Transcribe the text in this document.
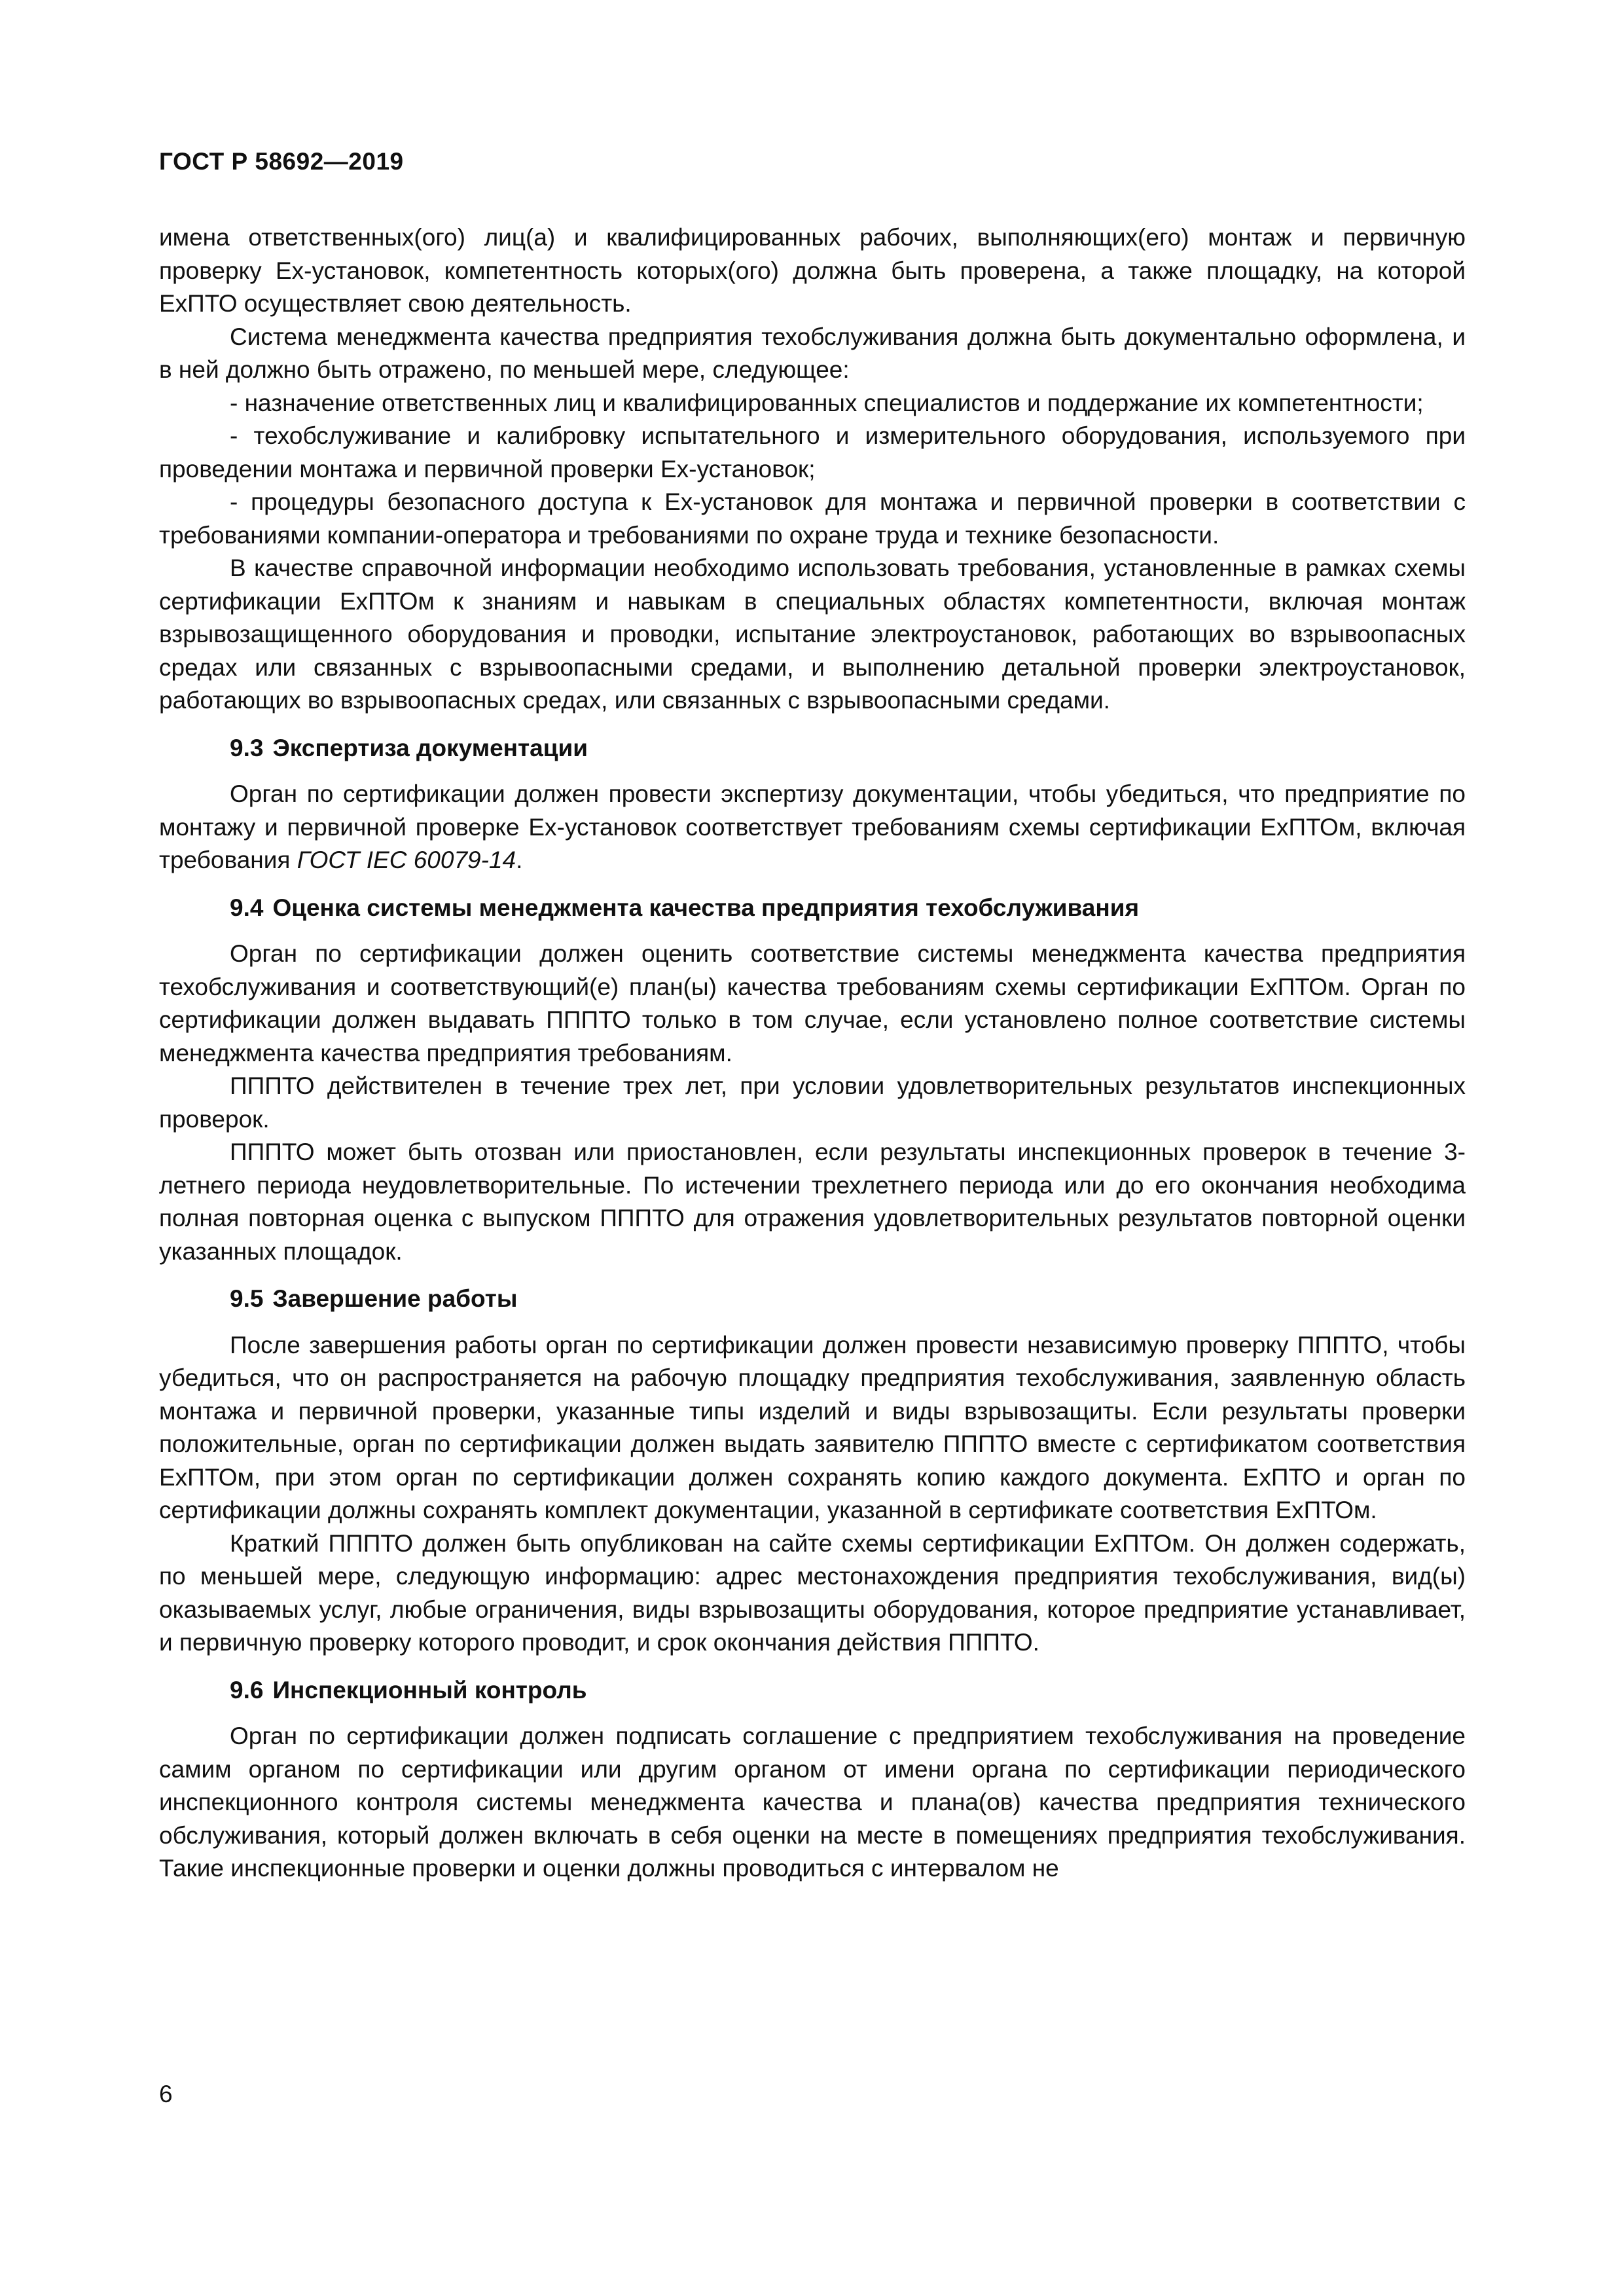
ГОСТ Р 58692—2019

имена ответственных(ого) лиц(а) и квалифицированных рабочих, выполняющих(его) монтаж и первичную проверку Ех-установок, компетентность которых(ого) должна быть проверена, а также площадку, на которой ЕхПТО осуществляет свою деятельность.

Система менеджмента качества предприятия техобслуживания должна быть документально оформлена, и в ней должно быть отражено, по меньшей мере, следующее:

- назначение ответственных лиц и квалифицированных специалистов и поддержание их компетентности;

- техобслуживание и калибровку испытательного и измерительного оборудования, используемого при проведении монтажа и первичной проверки Ех-установок;

- процедуры безопасного доступа к Ех-установок для монтажа и первичной проверки в соответствии с требованиями компании-оператора и требованиями по охране труда и технике безопасности.

В качестве справочной информации необходимо использовать требования, установленные в рамках схемы сертификации ЕхПТОм к знаниям и навыкам в специальных областях компетентности, включая монтаж взрывозащищенного оборудования и проводки, испытание электроустановок, работающих во взрывоопасных средах или связанных с взрывоопасными средами, и выполнению детальной проверки электроустановок, работающих во взрывоопасных средах, или связанных с взрывоопасными средами.

9.3 Экспертиза документации

Орган по сертификации должен провести экспертизу документации, чтобы убедиться, что предприятие по монтажу и первичной проверке Ех-установок соответствует требованиям схемы сертификации ЕхПТОм, включая требования ГОСТ IEC 60079-14.

9.4 Оценка системы менеджмента качества предприятия техобслуживания

Орган по сертификации должен оценить соответствие системы менеджмента качества предприятия техобслуживания и соответствующий(е) план(ы) качества требованиям схемы сертификации ЕхПТОм. Орган по сертификации должен выдавать ПППТО только в том случае, если установлено полное соответствие системы менеджмента качества предприятия требованиям.

ПППТО действителен в течение трех лет, при условии удовлетворительных результатов инспекционных проверок.

ПППТО может быть отозван или приостановлен, если результаты инспекционных проверок в течение 3-летнего периода неудовлетворительные. По истечении трехлетнего периода или до его окончания необходима полная повторная оценка с выпуском ПППТО для отражения удовлетворительных результатов повторной оценки указанных площадок.

9.5 Завершение работы

После завершения работы орган по сертификации должен провести независимую проверку ПППТО, чтобы убедиться, что он распространяется на рабочую площадку предприятия техобслуживания, заявленную область монтажа и первичной проверки, указанные типы изделий и виды взрывозащиты. Если результаты проверки положительные, орган по сертификации должен выдать заявителю ПППТО вместе с сертификатом соответствия ЕхПТОм, при этом орган по сертификации должен сохранять копию каждого документа. ЕхПТО и орган по сертификации должны сохранять комплект документации, указанной в сертификате соответствия ЕхПТОм.

Краткий ПППТО должен быть опубликован на сайте схемы сертификации ЕхПТОм. Он должен содержать, по меньшей мере, следующую информацию: адрес местонахождения предприятия техобслуживания, вид(ы) оказываемых услуг, любые ограничения, виды взрывозащиты оборудования, которое предприятие устанавливает, и первичную проверку которого проводит, и срок окончания действия ПППТО.

9.6 Инспекционный контроль

Орган по сертификации должен подписать соглашение с предприятием техобслуживания на проведение самим органом по сертификации или другим органом от имени органа по сертификации периодического инспекционного контроля системы менеджмента качества и плана(ов) качества предприятия технического обслуживания, который должен включать в себя оценки на месте в помещениях предприятия техобслуживания. Такие инспекционные проверки и оценки должны проводиться с интервалом не

6
